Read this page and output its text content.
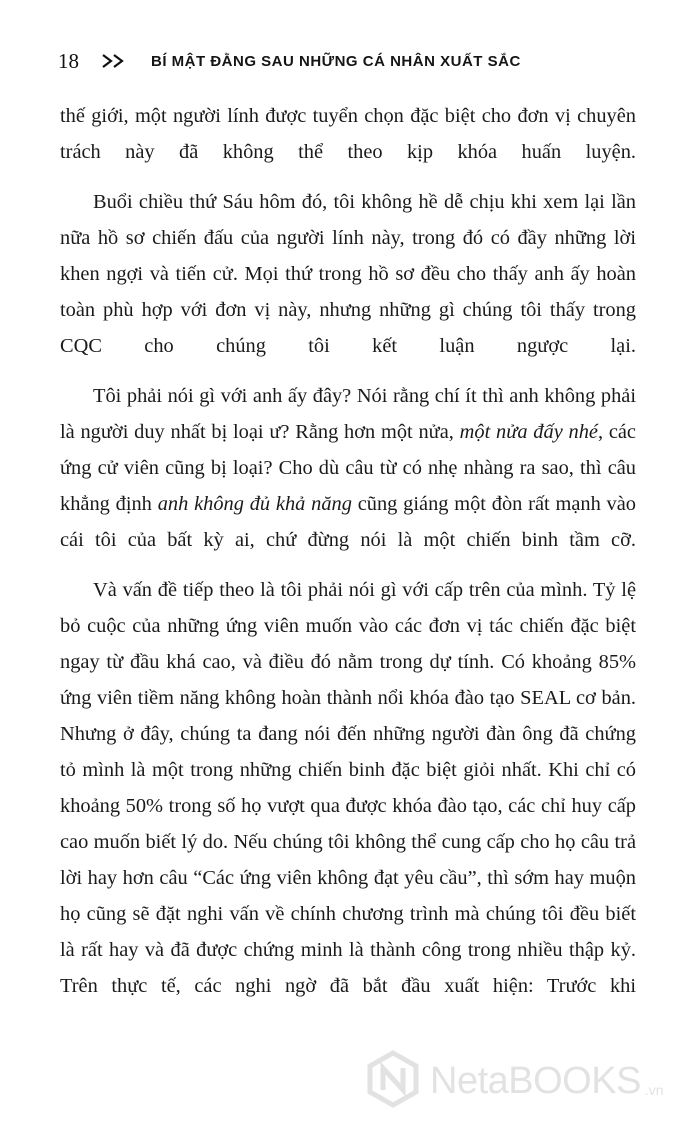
18	BÍ MẬT ĐẰNG SAU NHỮNG CÁ NHÂN XUẤT SẮC

thế giới, một người lính được tuyển chọn đặc biệt cho đơn vị chuyên trách này đã không thể theo kịp khóa huấn luyện.

Buổi chiều thứ Sáu hôm đó, tôi không hề dễ chịu khi xem lại lần nữa hồ sơ chiến đấu của người lính này, trong đó có đầy những lời khen ngợi và tiến cử. Mọi thứ trong hồ sơ đều cho thấy anh ấy hoàn toàn phù hợp với đơn vị này, nhưng những gì chúng tôi thấy trong CQC cho chúng tôi kết luận ngược lại.

Tôi phải nói gì với anh ấy đây? Nói rằng chí ít thì anh không phải là người duy nhất bị loại ư? Rằng hơn một nửa, một nửa đấy nhé, các ứng cử viên cũng bị loại? Cho dù câu từ có nhẹ nhàng ra sao, thì câu khẳng định anh không đủ khả năng cũng giáng một đòn rất mạnh vào cái tôi của bất kỳ ai, chứ đừng nói là một chiến binh tầm cỡ.

Và vấn đề tiếp theo là tôi phải nói gì với cấp trên của mình. Tỷ lệ bỏ cuộc của những ứng viên muốn vào các đơn vị tác chiến đặc biệt ngay từ đầu khá cao, và điều đó nằm trong dự tính. Có khoảng 85% ứng viên tiềm năng không hoàn thành nổi khóa đào tạo SEAL cơ bản. Nhưng ở đây, chúng ta đang nói đến những người đàn ông đã chứng tỏ mình là một trong những chiến binh đặc biệt giỏi nhất. Khi chỉ có khoảng 50% trong số họ vượt qua được khóa đào tạo, các chỉ huy cấp cao muốn biết lý do. Nếu chúng tôi không thể cung cấp cho họ câu trả lời hay hơn câu “Các ứng viên không đạt yêu cầu”, thì sớm hay muộn họ cũng sẽ đặt nghi vấn về chính chương trình mà chúng tôi đều biết là rất hay và đã được chứng minh là thành công trong nhiều thập kỷ. Trên thực tế, các nghi ngờ đã bắt đầu xuất hiện: Trước khi

NetaBOOKS .vn
